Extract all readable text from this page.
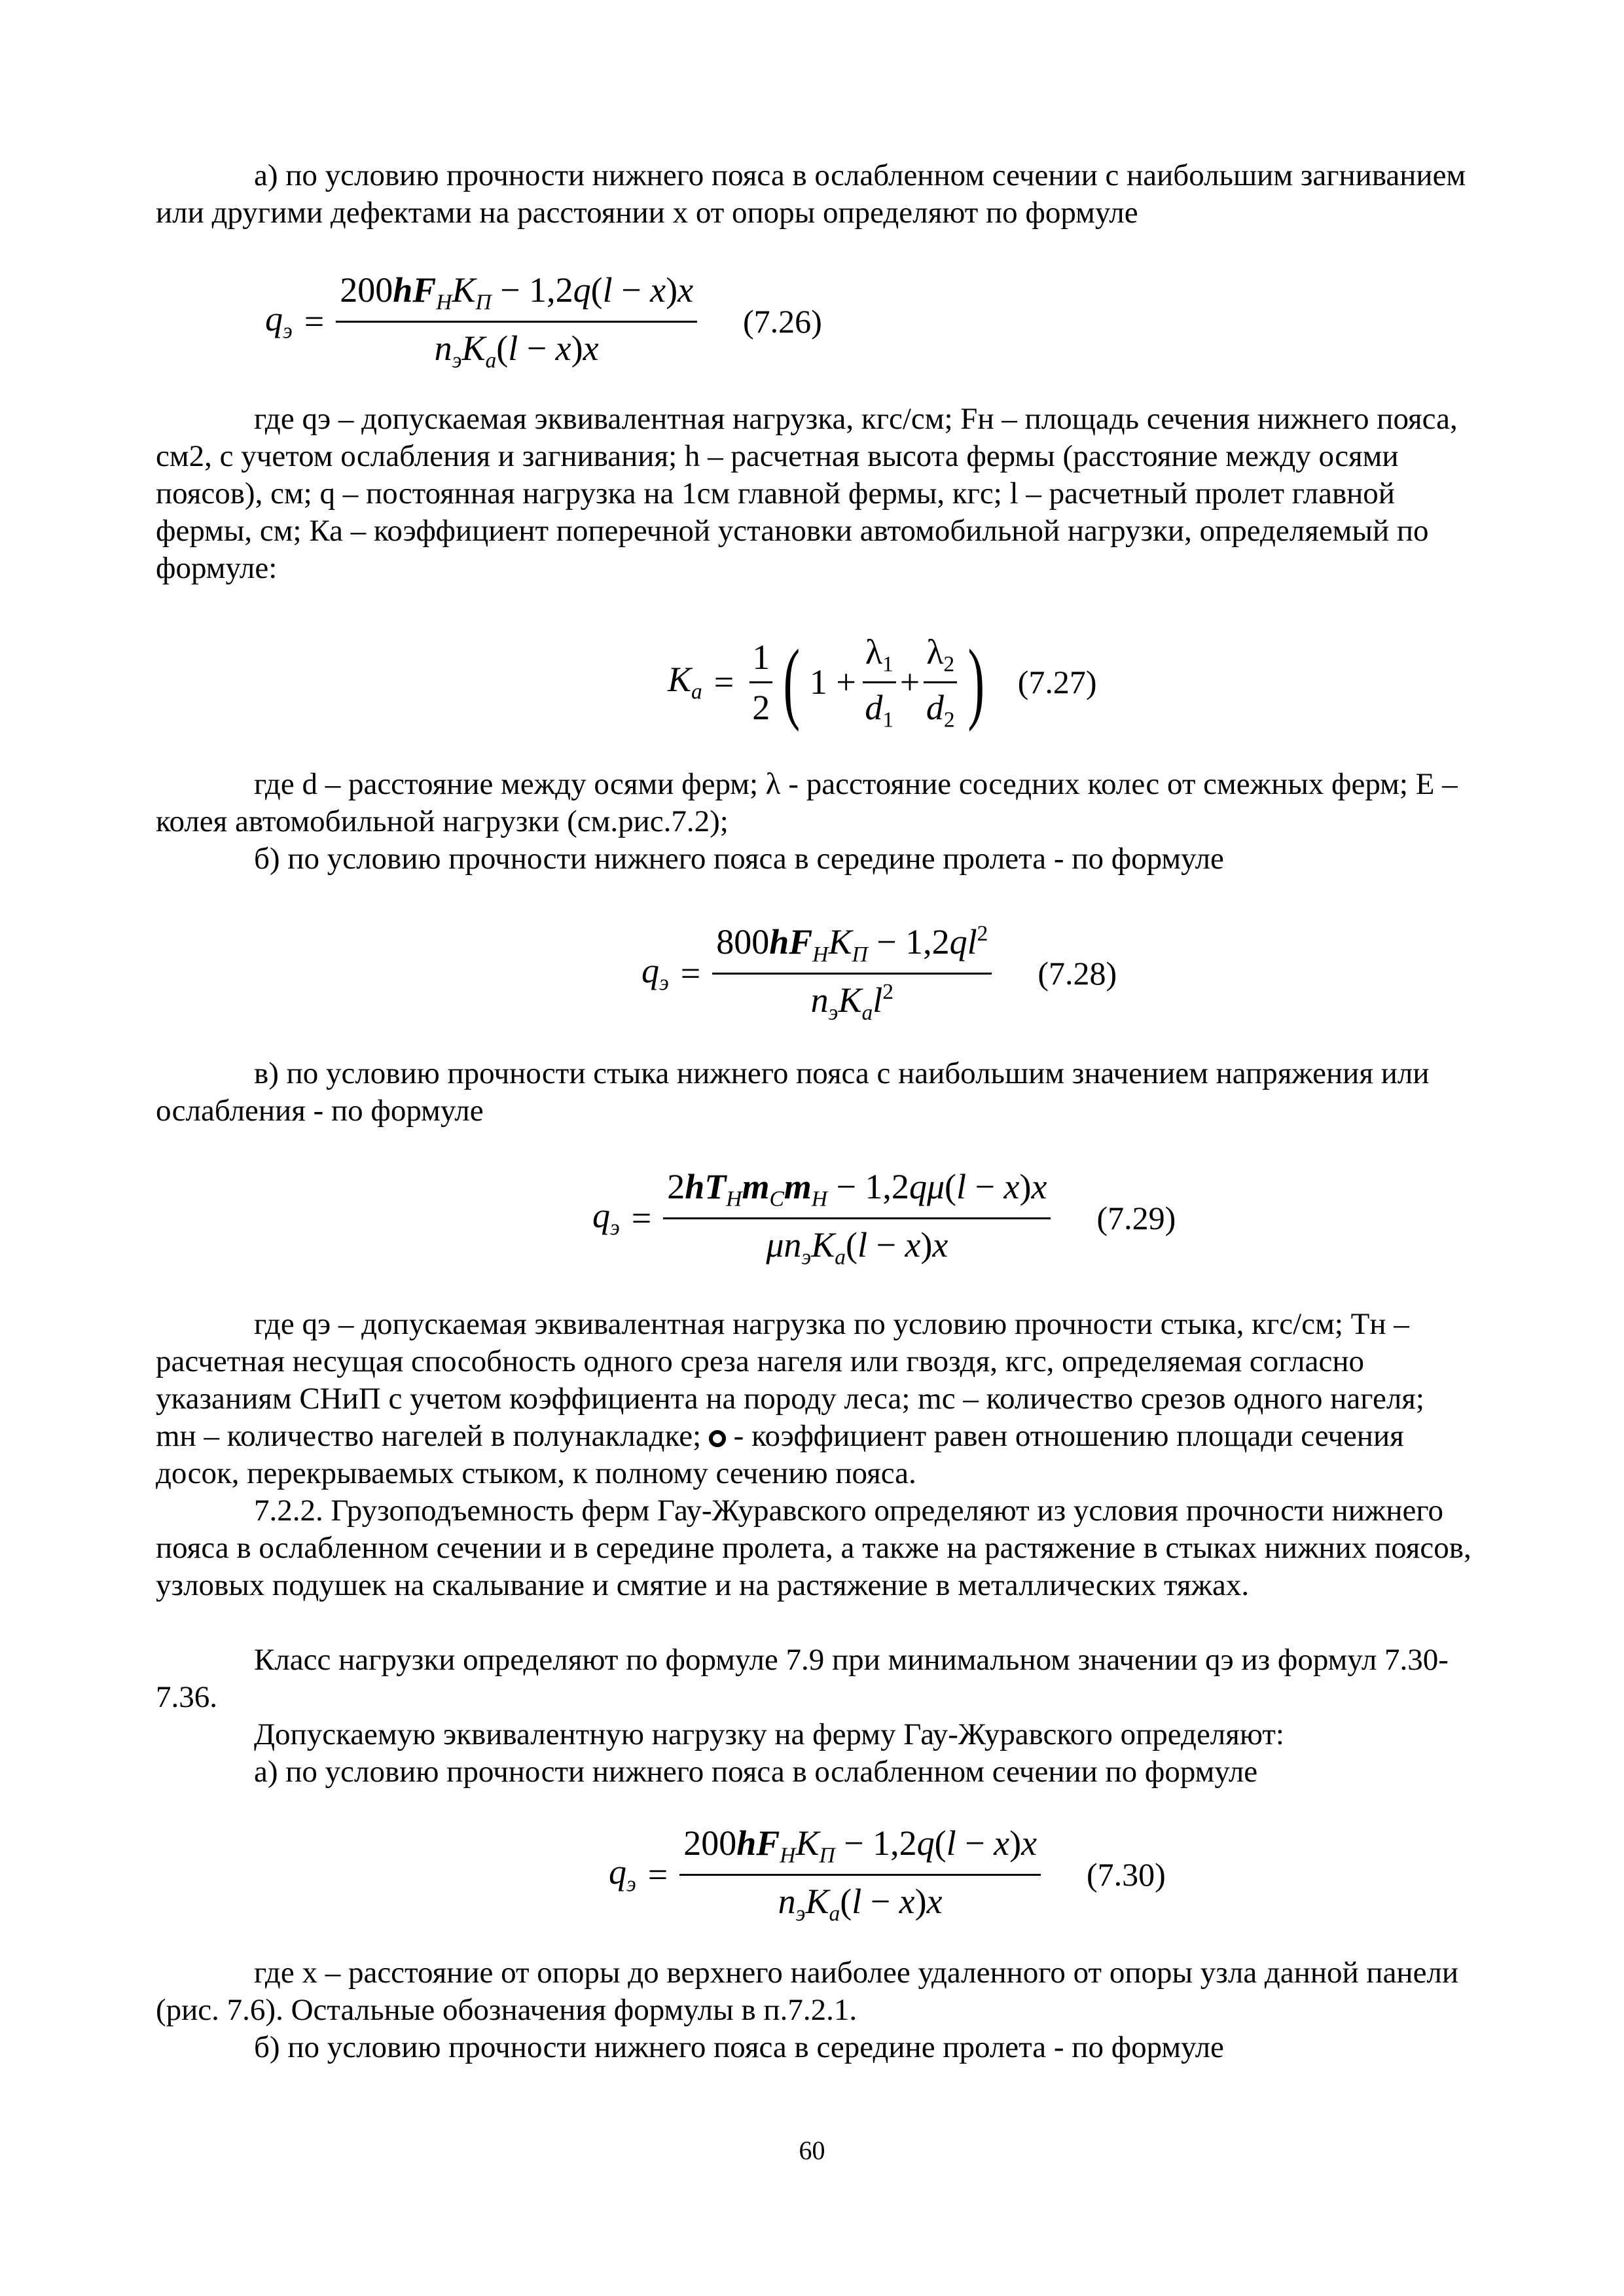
а) по условию прочности нижнего пояса в ослабленном сечении с наибольшим загниванием или другими дефектами на расстоянии х от опоры определяют по формуле

$q_э = \frac{200hF_НK_П - 1,2q(l - x)x}{n_эK_a(l - x)x} (7.26)$

где qэ – допускаемая эквивалентная нагрузка, кгс/см; Fн – площадь сечения нижнего пояса, см2, с учетом ослабления и загнивания; h – расчетная высота фермы (расстояние между осями поясов), см; q – постоянная нагрузка на 1см главной фермы, кгс; l – расчетный пролет главной фермы, см; Ка – коэффициент поперечной установки автомобильной нагрузки, определяемый по формуле:

$K_a = \frac{1}{2}$ ( $1 + \frac{\lambda_1}{d_1} + \frac{\lambda_2}{d_2}$ ) (7.27)

где d – расстояние между осями ферм; λ - расстояние соседних колес от смежных ферм; Е – колея автомобильной нагрузки (см.рис.7.2);

б) по условию прочности нижнего пояса в середине пролета - по формуле

$q_э = \frac{800hF_НK_П - 1,2ql^2}{n_эK_al^2} (7.28)$

в) по условию прочности стыка нижнего пояса с наибольшим значением напряжения или ослабления - по формуле

$q_э = \frac{2hT_Нm_Сm_Н - 1,2q\mu(l - x)x}{\mu n_эK_a(l - x)x} (7.29)$

где qэ – допускаемая эквивалентная нагрузка по условию прочности стыка, кгс/см; Тн – расчетная несущая способность одного среза нагеля или гвоздя, кгс, определяемая согласно указаниям СНиП с учетом коэффициента на породу леса; mс – количество срезов одного нагеля; mн – количество нагелей в полунакладке;  - коэффициент равен отношению площади сечения досок, перекрываемых стыком, к полному сечению пояса.

7.2.2. Грузоподъемность ферм Гау-Журавского определяют из условия прочности нижнего пояса в ослабленном сечении и в середине пролета, а также на растяжение в стыках нижних поясов, узловых подушек на скалывание и смятие и на растяжение в металлических тяжах.

Класс нагрузки определяют по формуле 7.9 при минимальном значении qэ из формул 7.30-7.36.

Допускаемую эквивалентную нагрузку на ферму Гау-Журавского определяют:

а) по условию прочности нижнего пояса в ослабленном сечении по формуле

$q_э = \frac{200hF_НK_П - 1,2q(l - x)x}{n_эK_a(l - x)x} (7.30)$

где х – расстояние от опоры до верхнего наиболее удаленного от опоры узла данной панели (рис. 7.6). Остальные обозначения формулы в п.7.2.1.

б) по условию прочности нижнего пояса в середине пролета - по формуле

60
